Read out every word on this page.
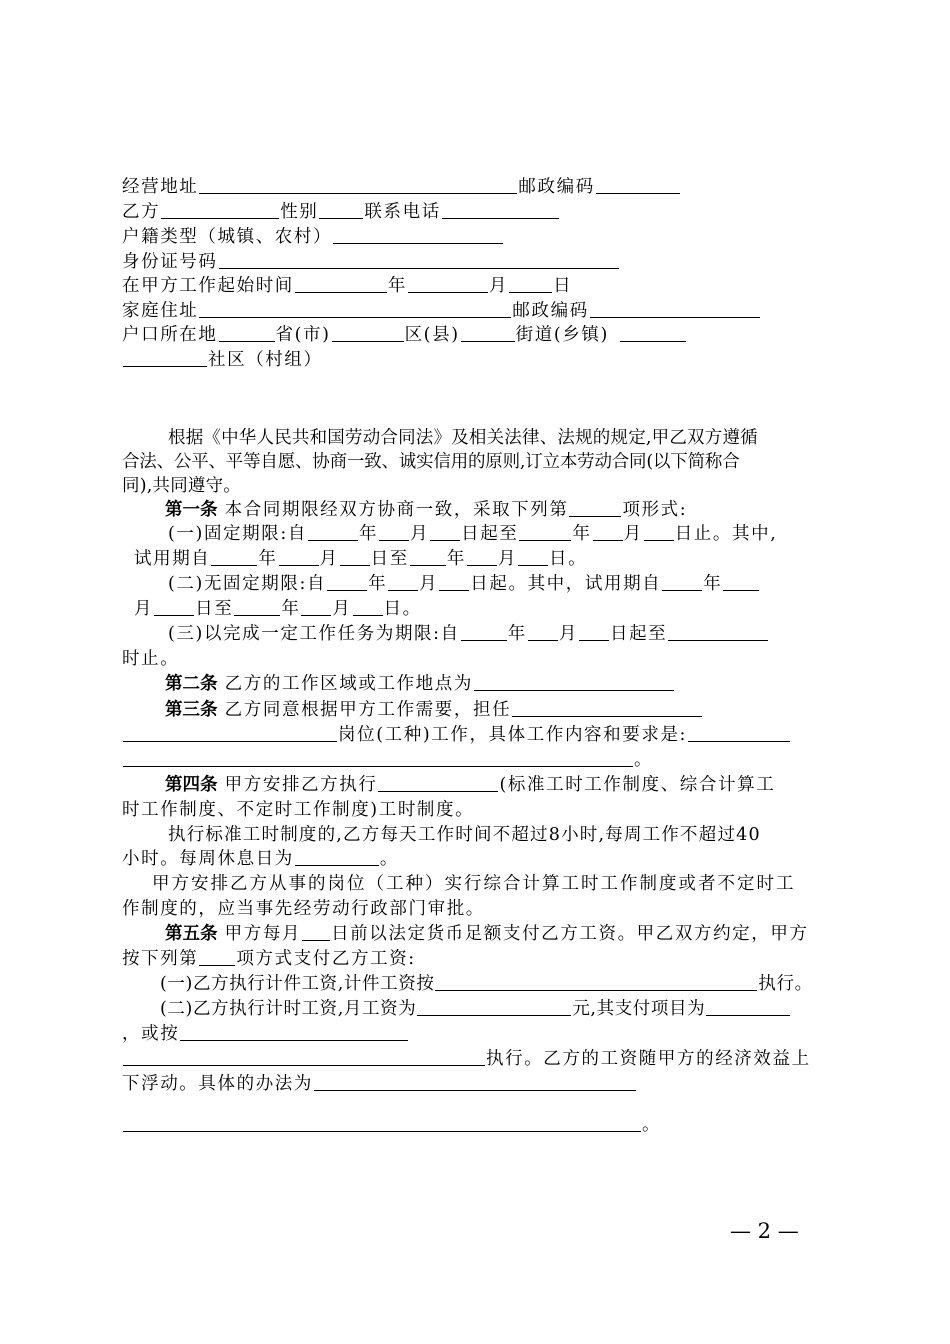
经营地址	邮政编码
乙方	性别	联系电话
户籍类型（城镇、农村）
身份证号码
在甲方工作起始时间	年	月	日
家庭住址	邮政编码
户口所在地	省(市)	区(县)	街道(乡镇)
社区（村组）
根据《中华人民共和国劳动合同法》及相关法律、法规的规定,甲乙双方遵循
合法、公平、平等自愿、协商一致、诚实信用的原则,订立本劳动合同(以下简称合
同),共同遵守。
第一条 本合同期限经双方协商一致，采取下列第	项形式:
(一)固定期限:自	年 月 日起至	年 月 日止。其中,
试用期自	年 月 日至 年 月 日。
(二)无固定期限:自 年 月 日起。其中，试用期自 年
月 日至	年 月 日。
(三)以完成一定工作任务为期限:自	年 月 日起至
时止。
第二条 乙方的工作区域或工作地点为
第三条 乙方同意根据甲方工作需要，担任
岗位(工种)工作，具体工作内容和要求是:
。
第四条 甲方安排乙方执行	(标准工时工作制度、综合计算工
时工作制度、不定时工作制度)工时制度。
执行标准工时制度的,乙方每天工作时间不超过8小时,每周工作不超过40
小时。每周休息日为	。
甲方安排乙方从事的岗位（工种）实行综合计算工时工作制度或者不定时工
作制度的，应当事先经劳动行政部门审批。
第五条 甲方每月 日前以法定货币足额支付乙方工资。甲乙双方约定，甲方
按下列第 项方式支付乙方工资:
(一)乙方执行计件工资,计件工资按	执行。
(二)乙方执行计时工资,月工资为	元,其支付项目为
，或按
执行。乙方的工资随甲方的经济效益上
下浮动。具体的办法为
。
— 2 —
